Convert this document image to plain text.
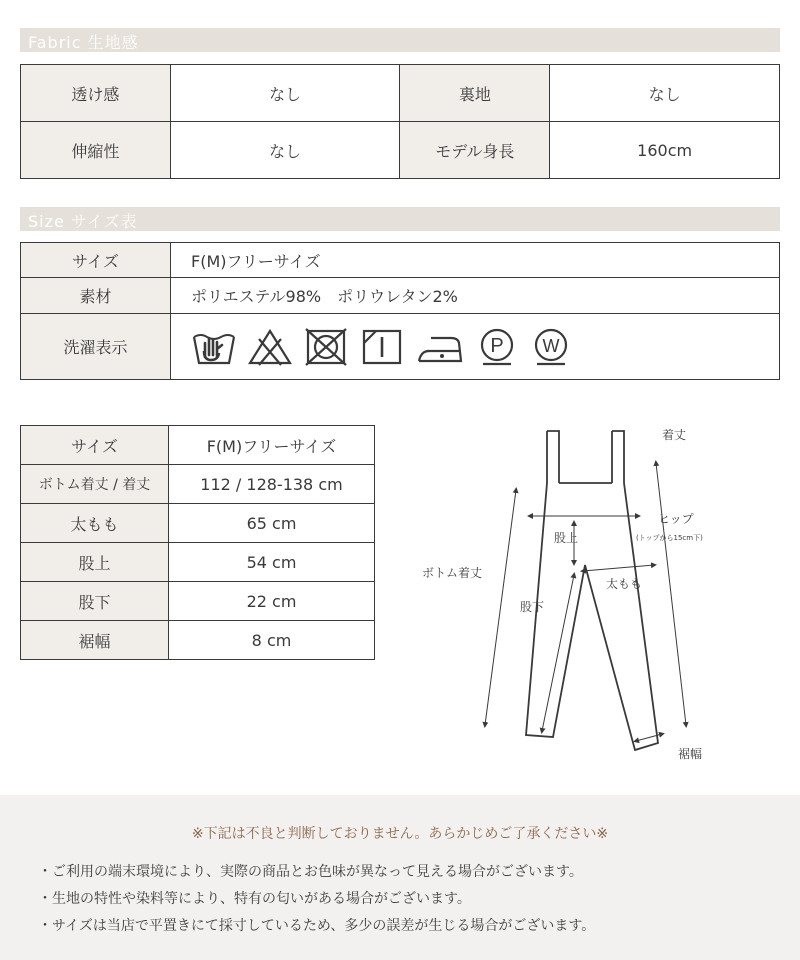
Fabric 生地感
透け感	なし	裏地	なし
伸縮性	なし	モデル身長	160cm
Size サイズ表
サイズ	F(M)フリーサイズ
素材	ポリエステル98%　ポリウレタン2%
洗濯表示	P W
サイズ	F(M)フリーサイズ
ボトム着丈 / 着丈	112 / 128-138 cm
太もも	65 cm
股上	54 cm
股下	22 cm
裾幅	8 cm
着丈
ヒップ
(トップから15cm下)
股上
太もも
ボトム着丈
股下
裾幅
※下記は不良と判断しておりません。あらかじめご了承ください※
・ご利用の端末環境により、実際の商品とお色味が異なって見える場合がございます。
・生地の特性や染料等により、特有の匂いがある場合がございます。
・サイズは当店で平置きにて採寸しているため、多少の誤差が生じる場合がございます。
